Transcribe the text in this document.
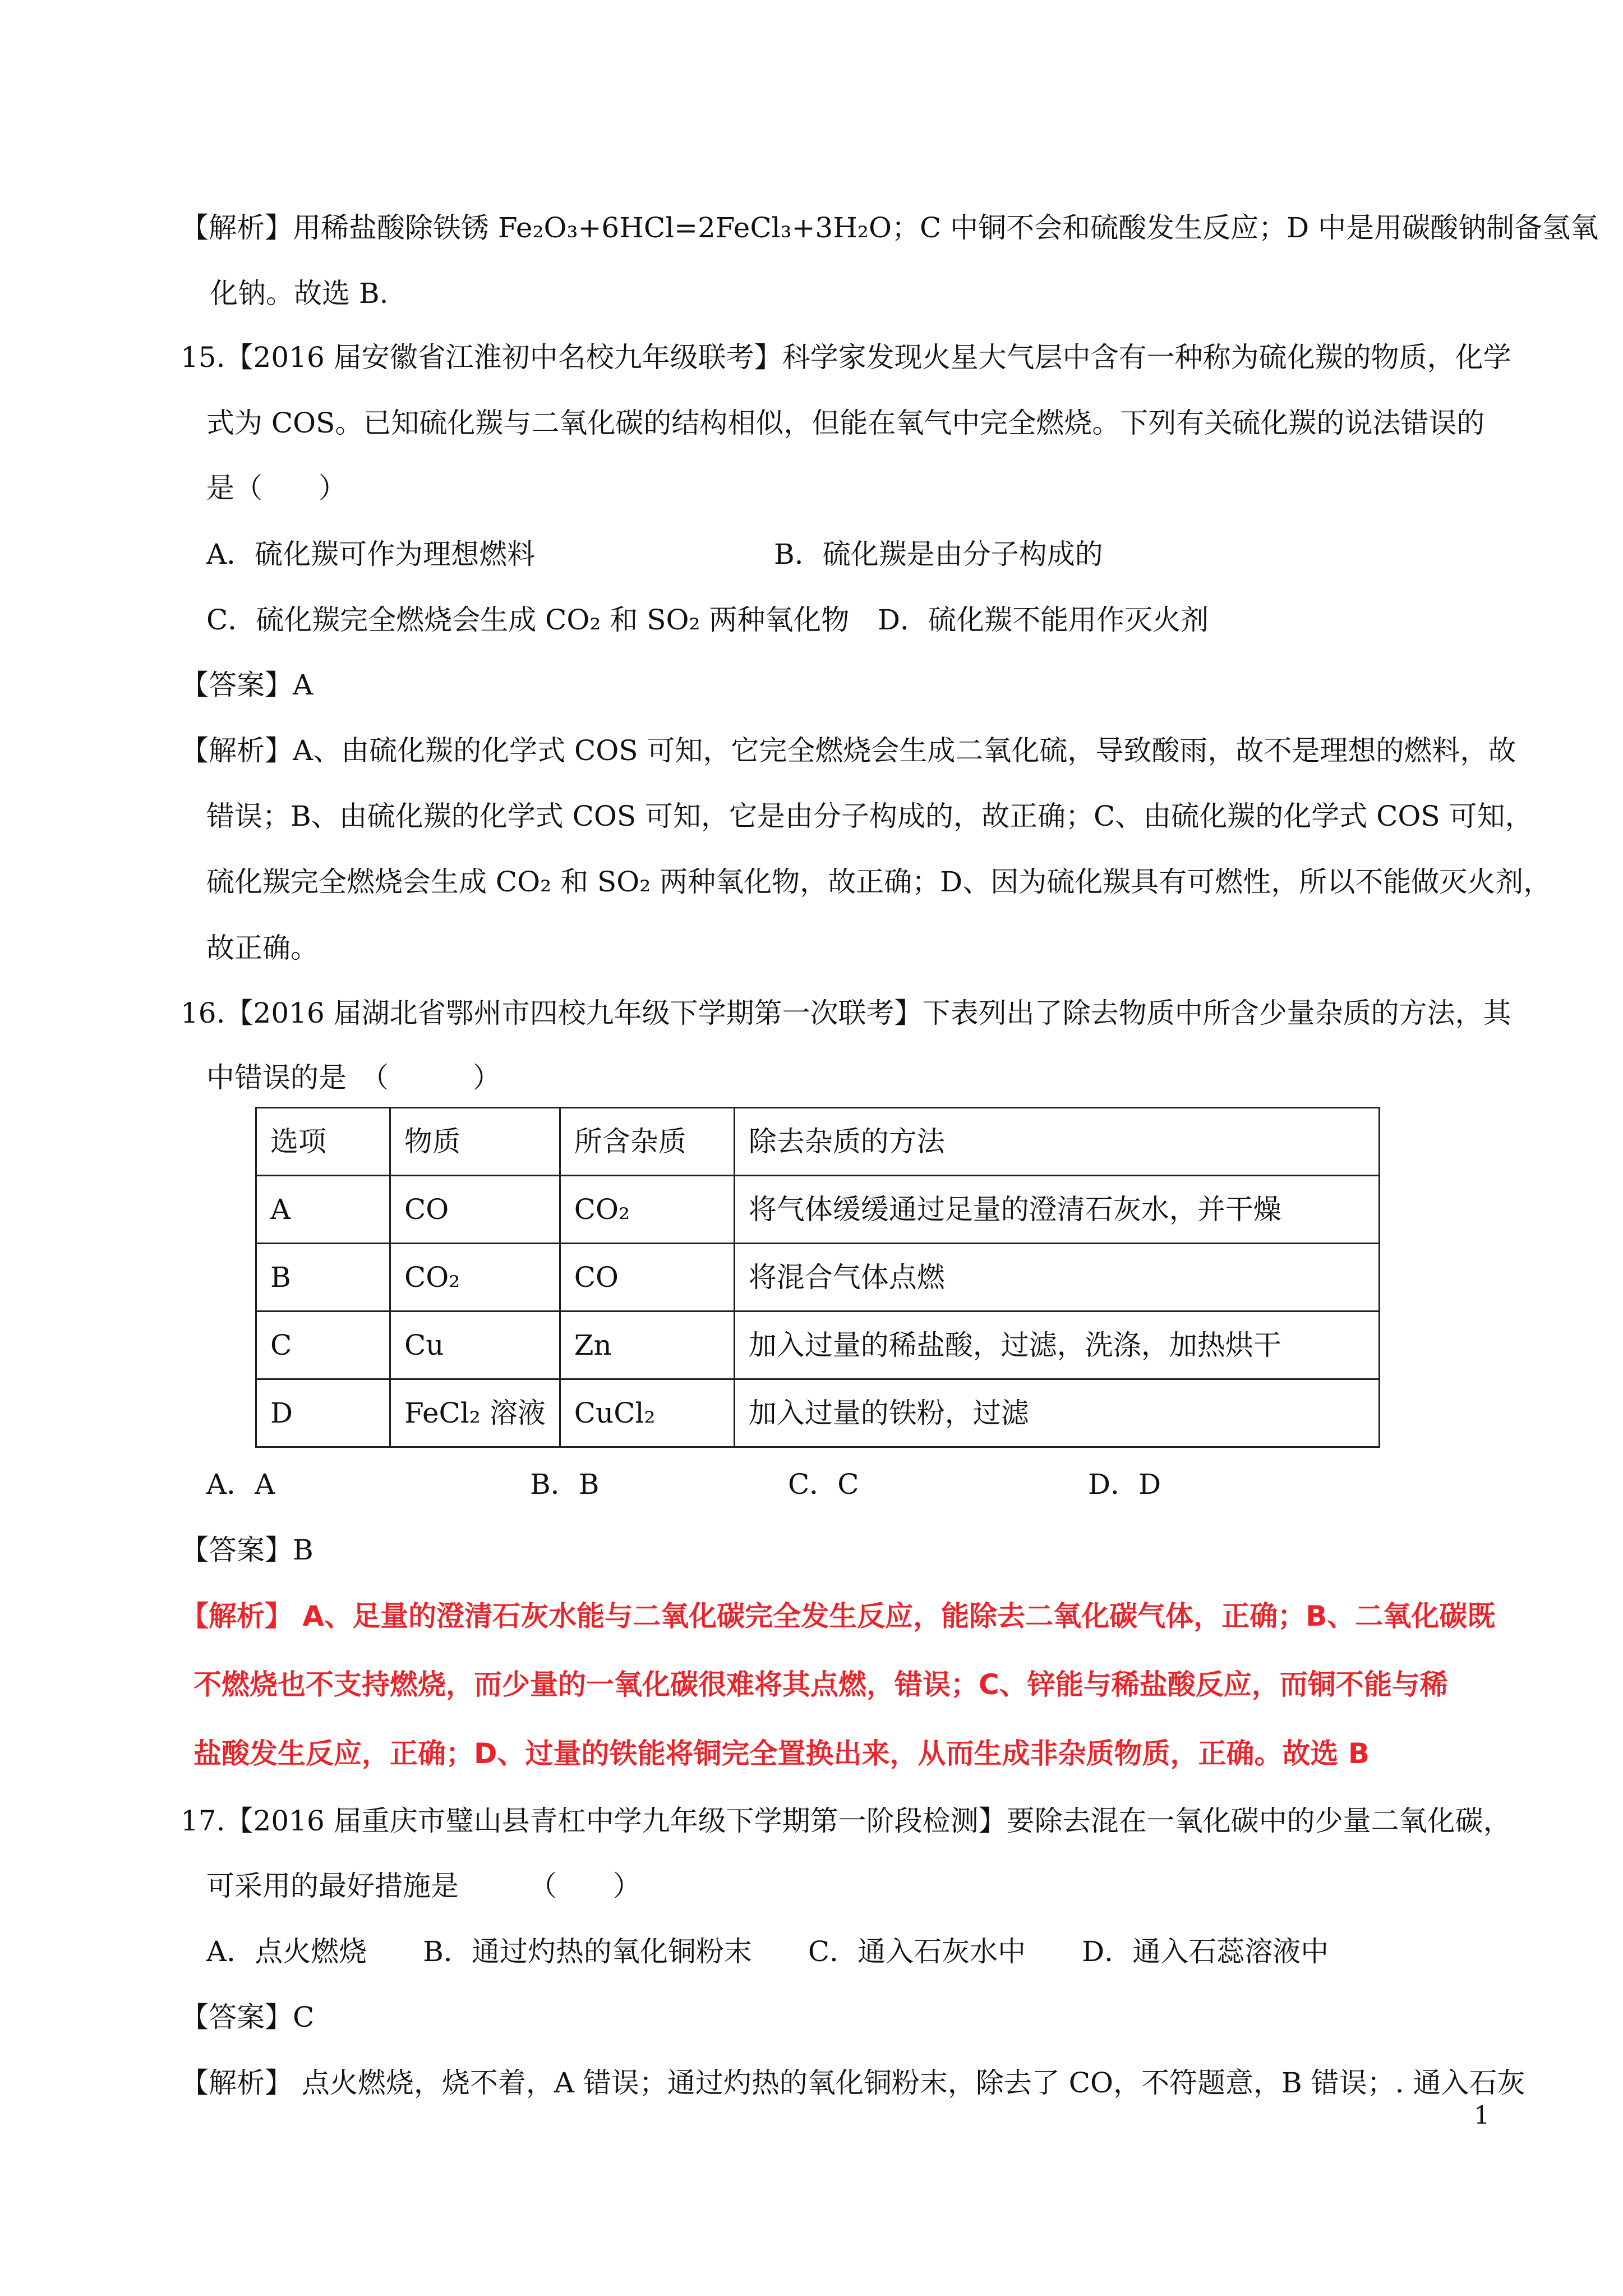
【解析】用稀盐酸除铁锈 Fe₂O₃+6HCl=2FeCl₃+3H₂O；C 中铜不会和硫酸发生反应；D 中是用碳酸钠制备氢氧
化钠。故选 B.
15.【2016 届安徽省江淮初中名校九年级联考】科学家发现火星大气层中含有一种称为硫化羰的物质，化学
式为 COS。已知硫化羰与二氧化碳的结构相似，但能在氧气中完全燃烧。下列有关硫化羰的说法错误的
是（　　）
A．硫化羰可作为理想燃料	B．硫化羰是由分子构成的
C．硫化羰完全燃烧会生成 CO₂ 和 SO₂ 两种氧化物 D．硫化羰不能用作灭火剂
【答案】A
【解析】A、由硫化羰的化学式 COS 可知，它完全燃烧会生成二氧化硫，导致酸雨，故不是理想的燃料，故
错误；B、由硫化羰的化学式 COS 可知，它是由分子构成的，故正确；C、由硫化羰的化学式 COS 可知，
硫化羰完全燃烧会生成 CO₂ 和 SO₂ 两种氧化物，故正确；D、因为硫化羰具有可燃性，所以不能做灭火剂，
故正确。
16.【2016 届湖北省鄂州市四校九年级下学期第一次联考】下表列出了除去物质中所含少量杂质的方法，其
中错误的是　（　　　）
选项	物质	所含杂质	除去杂质的方法
A	CO	CO₂	将气体缓缓通过足量的澄清石灰水，并干燥
B	CO₂	CO	将混合气体点燃
C	Cu	Zn	加入过量的稀盐酸，过滤，洗涤，加热烘干
D	FeCl₂ 溶液	CuCl₂	加入过量的铁粉，过滤
A．A	B．B	C．C	D．D
【答案】B
【解析】 A、足量的澄清石灰水能与二氧化碳完全发生反应，能除去二氧化碳气体，正确；B、二氧化碳既
不燃烧也不支持燃烧，而少量的一氧化碳很难将其点燃，错误；C、锌能与稀盐酸反应，而铜不能与稀
盐酸发生反应，正确；D、过量的铁能将铜完全置换出来，从而生成非杂质物质，正确。故选 B
17.【2016 届重庆市璧山县青杠中学九年级下学期第一阶段检测】要除去混在一氧化碳中的少量二氧化碳，
可采用的最好措施是　　　（　　）
A．点火燃烧　　B．通过灼热的氧化铜粉末　　C．通入石灰水中　　D．通入石蕊溶液中
【答案】C
【解析】 点火燃烧，烧不着，A 错误；通过灼热的氧化铜粉末，除去了 CO，不符题意，B 错误；. 通入石灰
1
